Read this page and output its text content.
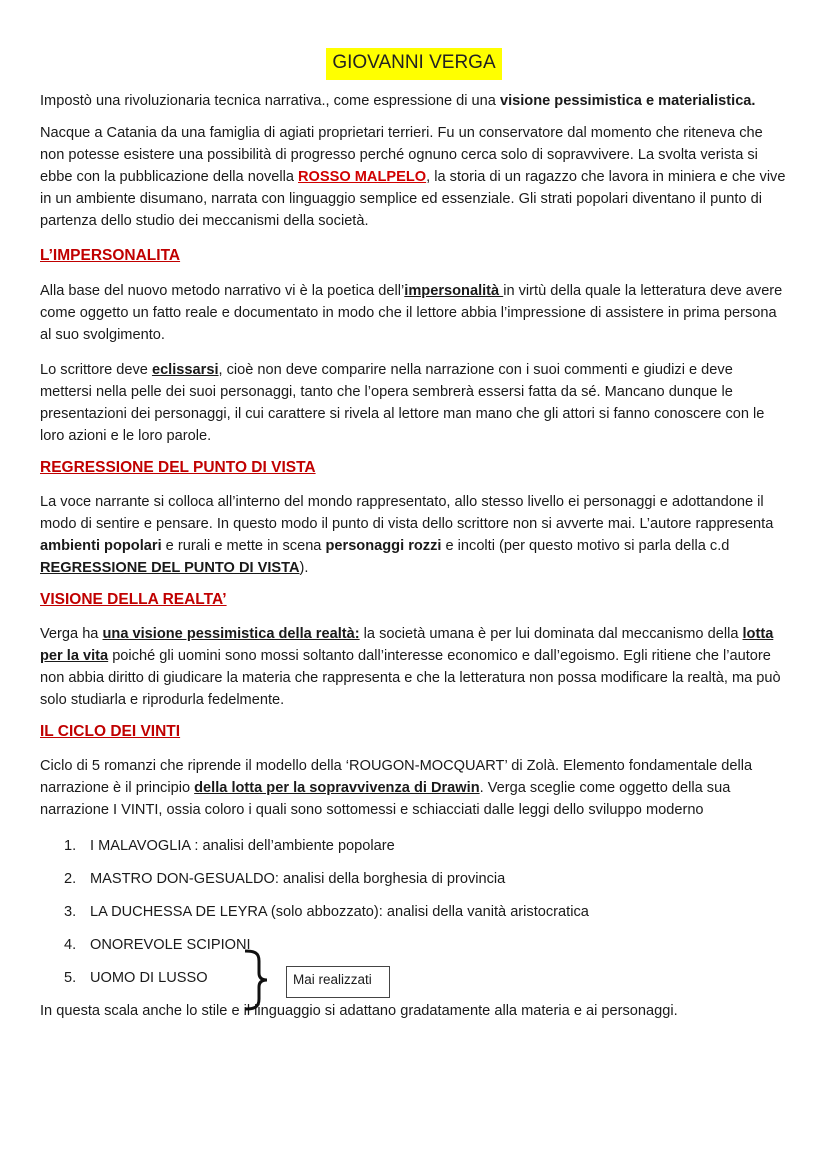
GIOVANNI VERGA

Impostò una rivoluzionaria tecnica narrativa., come espressione di una visione pessimistica e materialistica.

Nacque a Catania da una famiglia di agiati proprietari terrieri. Fu un conservatore dal momento che riteneva che non potesse esistere una possibilità di progresso perché ognuno cerca solo di sopravvivere. La svolta verista si ebbe con la pubblicazione della novella ROSSO MALPELO, la storia di un ragazzo che lavora in miniera e che vive in un ambiente disumano, narrata con linguaggio semplice ed essenziale. Gli strati popolari diventano il punto di partenza dello studio dei meccanismi della società.

L’IMPERSONALITA

Alla base del nuovo metodo narrativo vi è la poetica dell’impersonalità in virtù della quale la letteratura deve avere come oggetto un fatto reale e documentato in modo che il lettore abbia l’impressione di assistere in prima persona al suo svolgimento.

Lo scrittore deve eclissarsi, cioè non deve comparire nella narrazione con i suoi commenti e giudizi e deve mettersi nella pelle dei suoi personaggi, tanto che l’opera sembrerà essersi fatta da sé. Mancano dunque le presentazioni dei personaggi, il cui carattere si rivela al lettore man mano che gli attori si fanno conoscere con le loro azioni e le loro parole.

REGRESSIONE DEL PUNTO DI VISTA

La voce narrante si colloca all’interno del mondo rappresentato, allo stesso livello ei personaggi e adottandone il modo di sentire e pensare. In questo modo il punto di vista dello scrittore non si avverte mai. L’autore rappresenta ambienti popolari e rurali e mette in scena personaggi rozzi e incolti (per questo motivo si parla della c.d REGRESSIONE DEL PUNTO DI VISTA).

VISIONE DELLA REALTA’

Verga ha una visione pessimistica della realtà: la società umana è per lui dominata dal meccanismo della lotta per la vita poiché gli uomini sono mossi soltanto dall’interesse economico e dall’egoismo. Egli ritiene che l’autore non abbia diritto di giudicare la materia che rappresenta e che la letteratura non possa modificare la realtà, ma può solo studiarla e riprodurla fedelmente.

IL CICLO DEI VINTI

Ciclo di 5 romanzi che riprende il modello della ‘ROUGON-MOCQUART’ di Zolà. Elemento fondamentale della narrazione è il principio della lotta per la sopravvivenza di Drawin. Verga sceglie come oggetto della sua narrazione I VINTI, ossia coloro i quali sono sottomessi e schiacciati dalle leggi dello sviluppo moderno

1. I MALAVOGLIA : analisi dell’ambiente popolare
2. MASTRO DON-GESUALDO: analisi della borghesia di provincia
3. LA DUCHESSA DE LEYRA (solo abbozzato): analisi della vanità aristocratica
4. ONOREVOLE SCIPIONI
5. UOMO DI LUSSO

In questa scala anche lo stile e il linguaggio si adattano gradatamente alla materia e ai personaggi.

Mai realizzati
